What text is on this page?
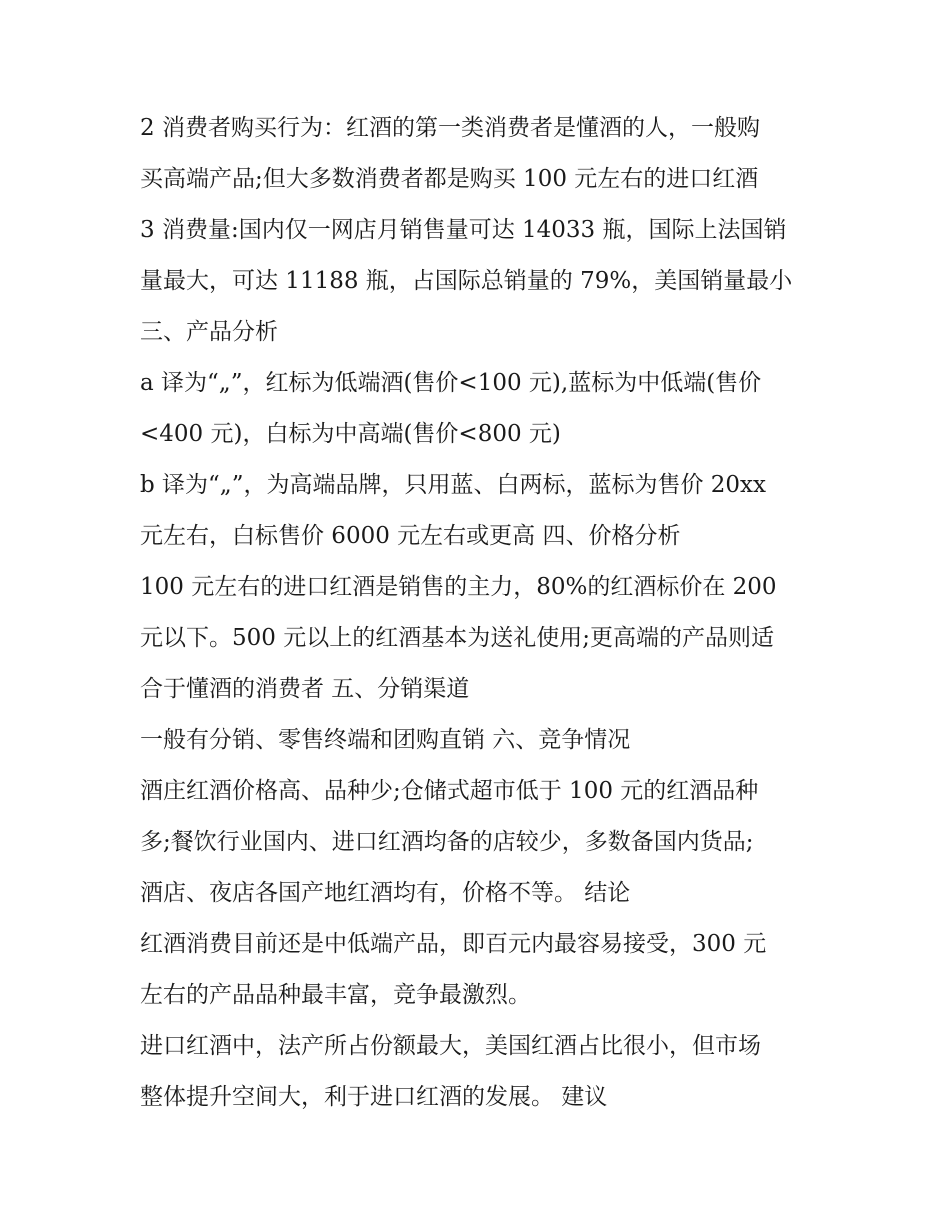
2 消费者购买行为：红酒的第一类消费者是懂酒的人，一般购
买高端产品;但大多数消费者都是购买 100 元左右的进口红酒
3 消费量:国内仅一网店月销售量可达 14033 瓶，国际上法国销
量最大，可达 11188 瓶，占国际总销量的 79%，美国销量最小
三、产品分析
a 译为“„”，红标为低端酒(售价<100 元),蓝标为中低端(售价
<400 元)，白标为中高端(售价<800 元)
b 译为“„”，为高端品牌，只用蓝、白两标，蓝标为售价 20xx
元左右，白标售价 6000 元左右或更高 四、价格分析
100 元左右的进口红酒是销售的主力，80%的红酒标价在 200
元以下。500 元以上的红酒基本为送礼使用;更高端的产品则适
合于懂酒的消费者 五、分销渠道
一般有分销、零售终端和团购直销 六、竞争情况
酒庄红酒价格高、品种少;仓储式超市低于 100 元的红酒品种
多;餐饮行业国内、进口红酒均备的店较少，多数备国内货品;
酒店、夜店各国产地红酒均有，价格不等。 结论
红酒消费目前还是中低端产品，即百元内最容易接受，300 元
左右的产品品种最丰富，竞争最激烈。
进口红酒中，法产所占份额最大，美国红酒占比很小，但市场
整体提升空间大，利于进口红酒的发展。 建议
